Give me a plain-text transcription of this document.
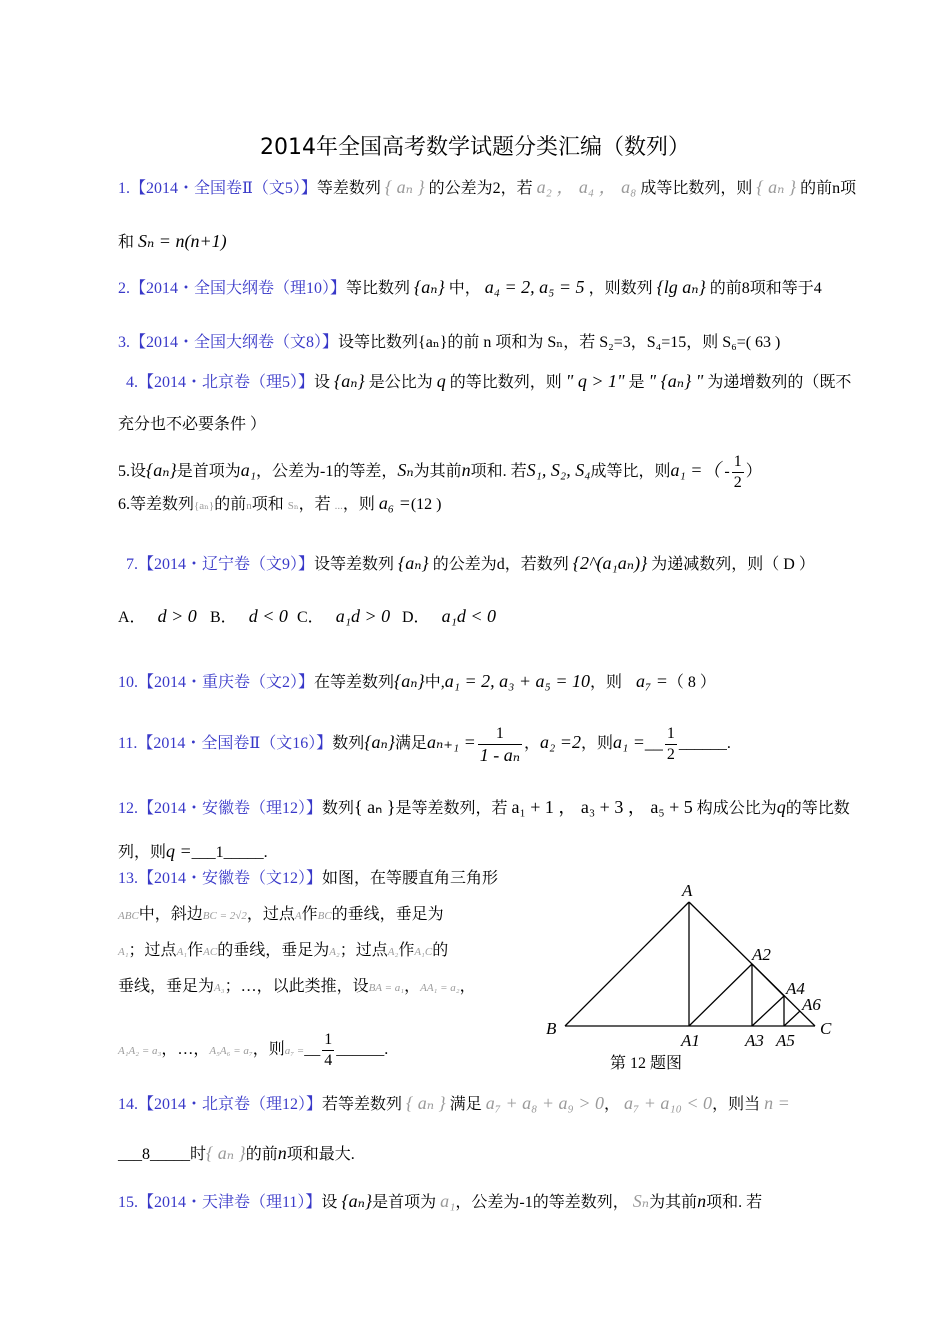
2014年全国高考数学试题分类汇编（数列）
1.【2014・全国卷Ⅱ（文5）】等差数列 { aₙ } 的公差为2，若 a₂ ， a₄ ， a₈ 成等比数列，则 { aₙ } 的前n项
和 Sₙ = n(n+1)
2.【2014・全国大纲卷（理10）】等比数列 {aₙ} 中， a₄ = 2, a₅ = 5 ，则数列 {lg aₙ} 的前8项和等于4
3.【2014・全国大纲卷（文8）】设等比数列{aₙ}的前 n 项和为 Sₙ，若 S₂=3，S₄=15，则 S₆=( 63 )
4.【2014・北京卷（理5）】设 {aₙ} 是公比为 q 的等比数列，则 " q > 1" 是 " {aₙ} " 为递增数列的（既不
充分也不必要条件 ）
5.设{aₙ}是首项为a₁，公差为-1的等差，Sₙ为其前n项和. 若S₁, S₂, S₄成等比，则a₁ =（ - $\frac{1}{2}$ ）
6.等差数列{aₙ}的前n项和 Sₙ，若 ...，则 a₆ =(12 )
7.【2014・辽宁卷（文9）】设等差数列 {aₙ} 的公差为d，若数列 {2^(a₁aₙ)} 为递减数列，则（ D ）
A． d > 0 B． d < 0 C． a₁d > 0 D． a₁d < 0
10.【2014・重庆卷（文2）】在等差数列{aₙ}中,a₁ = 2, a₃ + a₅ = 10，则 a₇ =（ 8 ）
11.【2014・全国卷Ⅱ（文16）】数列{aₙ}满足$a_{n+1} = \frac{1}{\text{1 - aₙ}}$ ，a₂ =2，则a₁ =__ $\frac{1}{2}$ ______.
12.【2014・安徽卷（理12）】数列{ aₙ }是等差数列，若 a₁ + 1 ， a₃ + 3 ， a₅ + 5 构成公比为q的等比数
列，则q =___1_____.
13.【2014・安徽卷（文12）】如图，在等腰直角三角形
ABC中，斜边BC = 2√2，过点A作BC的垂线，垂足为
A₁；过点A₁作AC的垂线，垂足为A₂；过点A₂作A₁C的
垂线，垂足为A₃；…，以此类推，设BA = a₁，AA₁ = a₂，
A₁A₂ = a₃，…，A₅A₆ = a₇，则a₇ =__ $\frac{1}{4}$ ______.
A
B	C
A1
A2
A3
A4
A5
A6
第 12 题图
14.【2014・北京卷（理12）】若等差数列 { aₙ } 满足 a₇ + a₈ + a₉ > 0， a₇ + a₁₀ < 0，则当 n =
___8_____时{ aₙ }的前n项和最大.
15.【2014・天津卷（理11）】设 {aₙ}是首项为 a₁，公差为-1的等差数列， Sₙ为其前n项和. 若
